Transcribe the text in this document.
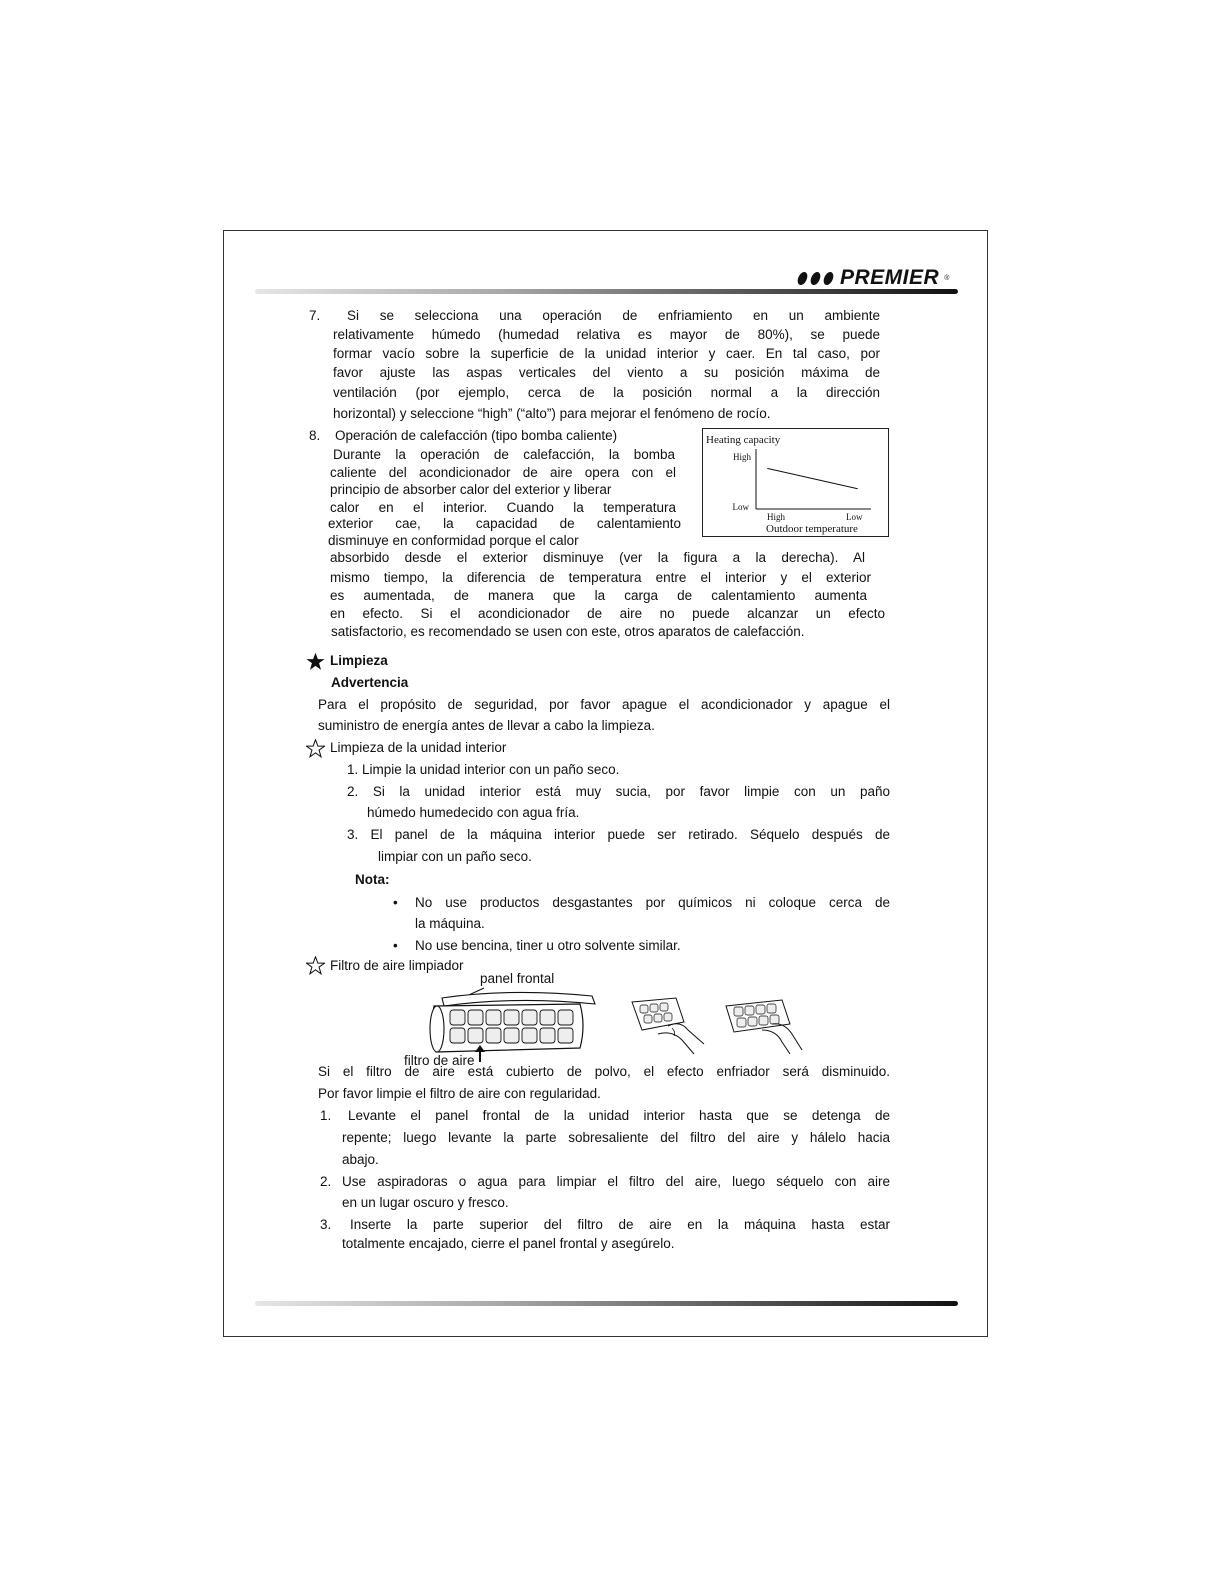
PREMIER ®
7. Si se selecciona una operación de enfriamiento en un ambiente
relativamente húmedo (humedad relativa es mayor de 80%), se puede
formar vacío sobre la superficie de la unidad interior y caer. En tal caso, por
favor ajuste las aspas verticales del viento a su posición máxima de
ventilación (por ejemplo, cerca de la posición normal a la dirección
horizontal) y seleccione “high” (“alto”) para mejorar el fenómeno de rocío.
8. Operación de calefacción (tipo bomba caliente)
Durante la operación de calefacción, la bomba
caliente del acondicionador de aire opera con el
principio de absorber calor del exterior y liberar
calor en el interior. Cuando la temperatura
exterior cae, la capacidad de calentamiento
disminuye en conformidad porque el calor
Heating capacity
High
Low
High	Low
Outdoor temperature
absorbido desde el exterior disminuye (ver la figura a la derecha). Al
mismo tiempo, la diferencia de temperatura entre el interior y el exterior
es aumentada, de manera que la carga de calentamiento aumenta
en efecto. Si el acondicionador de aire no puede alcanzar un efecto
satisfactorio, es recomendado se usen con este, otros aparatos de calefacción.
Limpieza
Advertencia
Para el propósito de seguridad, por favor apague el acondicionador y apague el
suministro de energía antes de llevar a cabo la limpieza.
Limpieza de la unidad interior
1. Limpie la unidad interior con un paño seco.
2. Si la unidad interior está muy sucia, por favor limpie con un paño
húmedo humedecido con agua fría.
3. El panel de la máquina interior puede ser retirado. Séquelo después de
limpiar con un paño seco.
Nota:
• No use productos desgastantes por químicos ni coloque cerca de
la máquina.
• No use bencina, tiner u otro solvente similar.
Filtro de aire limpiador
panel frontal
filtro de aire
Si el filtro de aire está cubierto de polvo, el efecto enfriador será disminuido.
Por favor limpie el filtro de aire con regularidad.
1. Levante el panel frontal de la unidad interior hasta que se detenga de
repente; luego levante la parte sobresaliente del filtro del aire y hálelo hacia
abajo.
2. Use aspiradoras o agua para limpiar el filtro del aire, luego séquelo con aire
en un lugar oscuro y fresco.
3. Inserte la parte superior del filtro de aire en la máquina hasta estar
totalmente encajado, cierre el panel frontal y asegúrelo.
